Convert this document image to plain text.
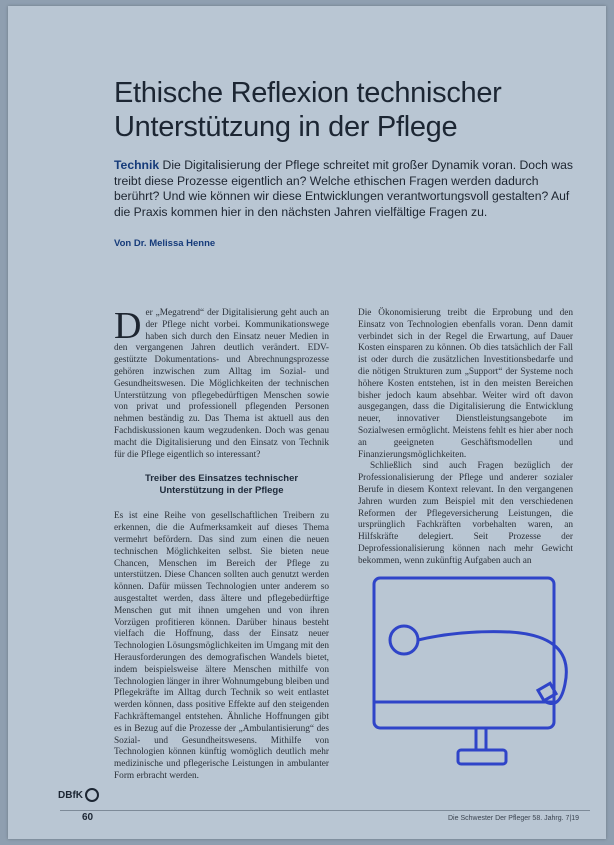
Ethische Reflexion technischer
Unterstützung in der Pflege
Technik Die Digitalisierung der Pflege schreitet mit großer Dynamik voran. Doch was treibt diese Prozesse eigentlich an? Welche ethischen Fragen werden dadurch berührt? Und wie können wir diese Entwicklungen verantwortungsvoll gestalten? Auf die Praxis kommen hier in den nächsten Jahren vielfältige Fragen zu.
Von Dr. Melissa Henne

Der „Megatrend“ der Digitalisierung geht auch an der Pflege nicht vorbei. Kommunikationswege haben sich durch den Einsatz neuer Medien in den vergangenen Jahren deutlich verändert. EDV-gestützte Dokumentations- und Abrechnungsprozesse gehören inzwischen zum Alltag im Sozial- und Gesundheitswesen. Die Möglichkeiten der technischen Unterstützung von pflegebedürftigen Menschen sowie von privat und professionell pflegenden Personen nehmen beständig zu. Das Thema ist aktuell aus den Fachdiskussionen kaum wegzudenken. Doch was genau macht die Digitalisierung und den Einsatz von Technik für die Pflege eigentlich so interessant?

Treiber des Einsatzes technischer
Unterstützung in der Pflege

Es ist eine Reihe von gesellschaftlichen Treibern zu erkennen, die die Aufmerksamkeit auf dieses Thema vermehrt befördern. Das sind zum einen die neuen technischen Möglichkeiten selbst. Sie bieten neue Chancen, Menschen im Bereich der Pflege zu unterstützen. Diese Chancen sollten auch genutzt werden können. Dafür müssen Technologien unter anderem so ausgestaltet werden, dass ältere und pflegebedürftige Menschen gut mit ihnen umgehen und von ihren Vorzügen profitieren können. Darüber hinaus besteht vielfach die Hoffnung, dass der Einsatz neuer Technologien Lösungsmöglichkeiten im Umgang mit den Herausforderungen des demografischen Wandels bietet, indem beispielsweise ältere Menschen mithilfe von Technologien länger in ihrer Wohnumgebung bleiben und Pflegekräfte im Alltag durch Technik so weit entlastet werden können, dass positive Effekte auf den steigenden Fachkräftemangel entstehen. Ähnliche Hoffnungen gibt es in Bezug auf die Prozesse der „Ambulantisierung“ des Sozial- und Gesundheitswesens. Mithilfe von Technologien können künftig womöglich deutlich mehr medizinische und pflegerische Leistungen in ambulanter Form erbracht werden.

Die Ökonomisierung treibt die Erprobung und den Einsatz von Technologien ebenfalls voran. Denn damit verbindet sich in der Regel die Erwartung, auf Dauer Kosten einsparen zu können. Ob dies tatsächlich der Fall ist oder durch die zusätzlichen Investitionsbedarfe und die nötigen Strukturen zum „Support“ der Systeme noch höhere Kosten entstehen, ist in den meisten Bereichen bisher jedoch kaum absehbar. Weiter wird oft davon ausgegangen, dass die Digitalisierung die Entwicklung neuer, innovativer Dienstleistungsangebote im Sozialwesen ermöglicht. Meistens fehlt es hier aber noch an geeigneten Geschäftsmodellen und Finanzierungsmöglichkeiten.

Schließlich sind auch Fragen bezüglich der Professionalisierung der Pflege und anderer sozialer Berufe in diesem Kontext relevant. In den vergangenen Jahren wurden zum Beispiel mit den verschiedenen Reformen der Pflegeversicherung Leistungen, die ursprünglich Fachkräften vorbehalten waren, an Hilfskräfte delegiert. Seit Prozesse der Deprofessionalisierung können nach mehr Gewicht bekommen, wenn zukünftig Aufgaben auch an

DBfK
60	Die Schwester Der Pfleger 58. Jahrg. 7|19
